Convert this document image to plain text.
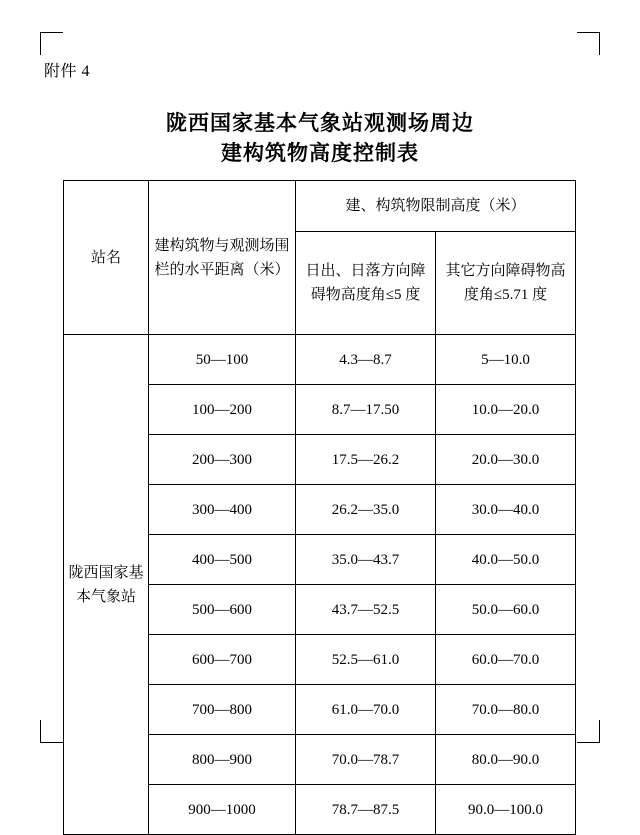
附件 4
陇西国家基本气象站观测场周边
建构筑物高度控制表
站名	建构筑物与观测场围栏的水平距离（米）	建、构筑物限制高度（米）	
		日出、日落方向障碍物高度角≤5 度	其它方向障碍物高度角≤5.71 度
陇西国家基本气象站	50—100	4.3—8.7	5—10.0
	100—200	8.7—17.50	10.0—20.0
	200—300	17.5—26.2	20.0—30.0
	300—400	26.2—35.0	30.0—40.0
	400—500	35.0—43.7	40.0—50.0
	500—600	43.7—52.5	50.0—60.0
	600—700	52.5—61.0	60.0—70.0
	700—800	61.0—70.0	70.0—80.0
	800—900	70.0—78.7	80.0—90.0
	900—1000	78.7—87.5	90.0—100.0
